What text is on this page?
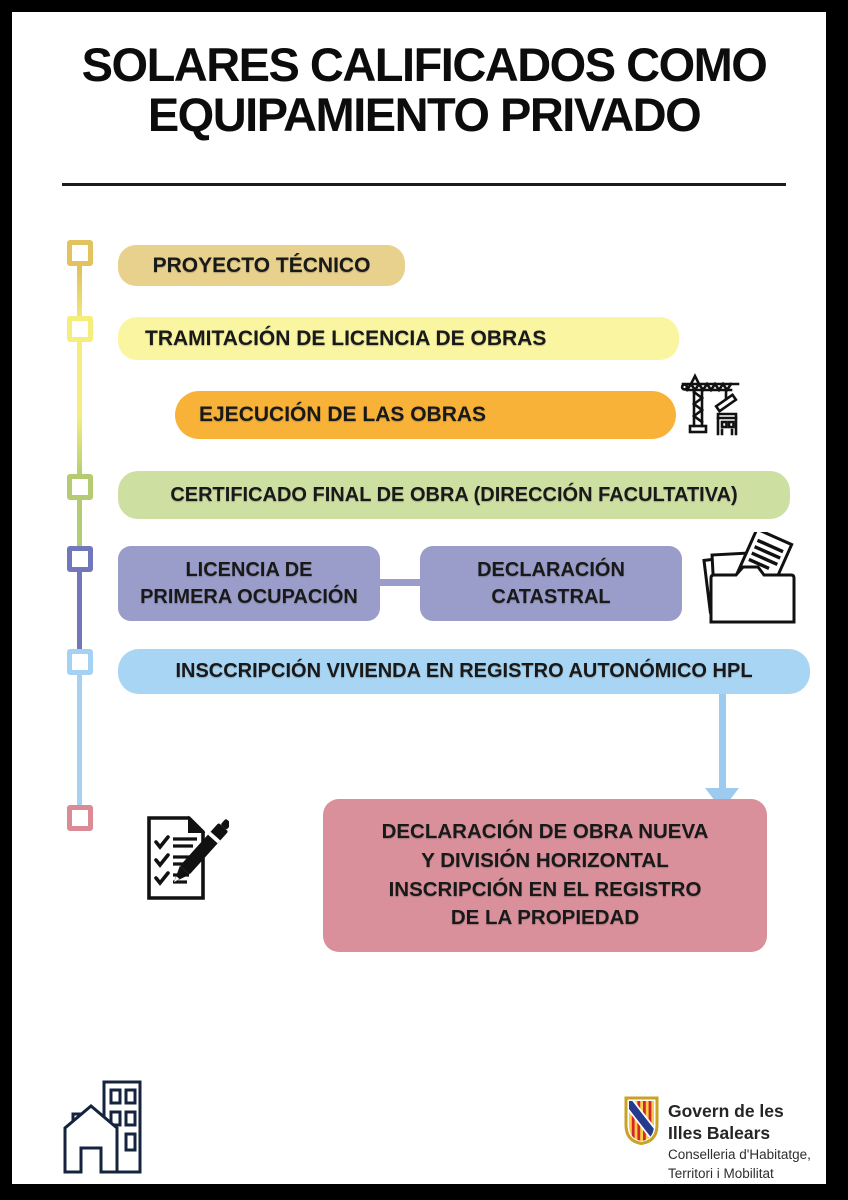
SOLARES CALIFICADOS COMO
EQUIPAMIENTO PRIVADO
PROYECTO TÉCNICO
TRAMITACIÓN DE LICENCIA DE OBRAS
EJECUCIÓN DE LAS OBRAS
CERTIFICADO FINAL DE OBRA (DIRECCIÓN FACULTATIVA)
LICENCIA DE
PRIMERA OCUPACIÓN
DECLARACIÓN
CATASTRAL
INSCCRIPCIÓN VIVIENDA EN REGISTRO AUTONÓMICO HPL
DECLARACIÓN DE OBRA NUEVA
Y DIVISIÓN HORIZONTAL
INSCRIPCIÓN EN EL REGISTRO
DE LA PROPIEDAD
Govern de les
Illes Balears
Conselleria d'Habitatge,
Territori i Mobilitat
